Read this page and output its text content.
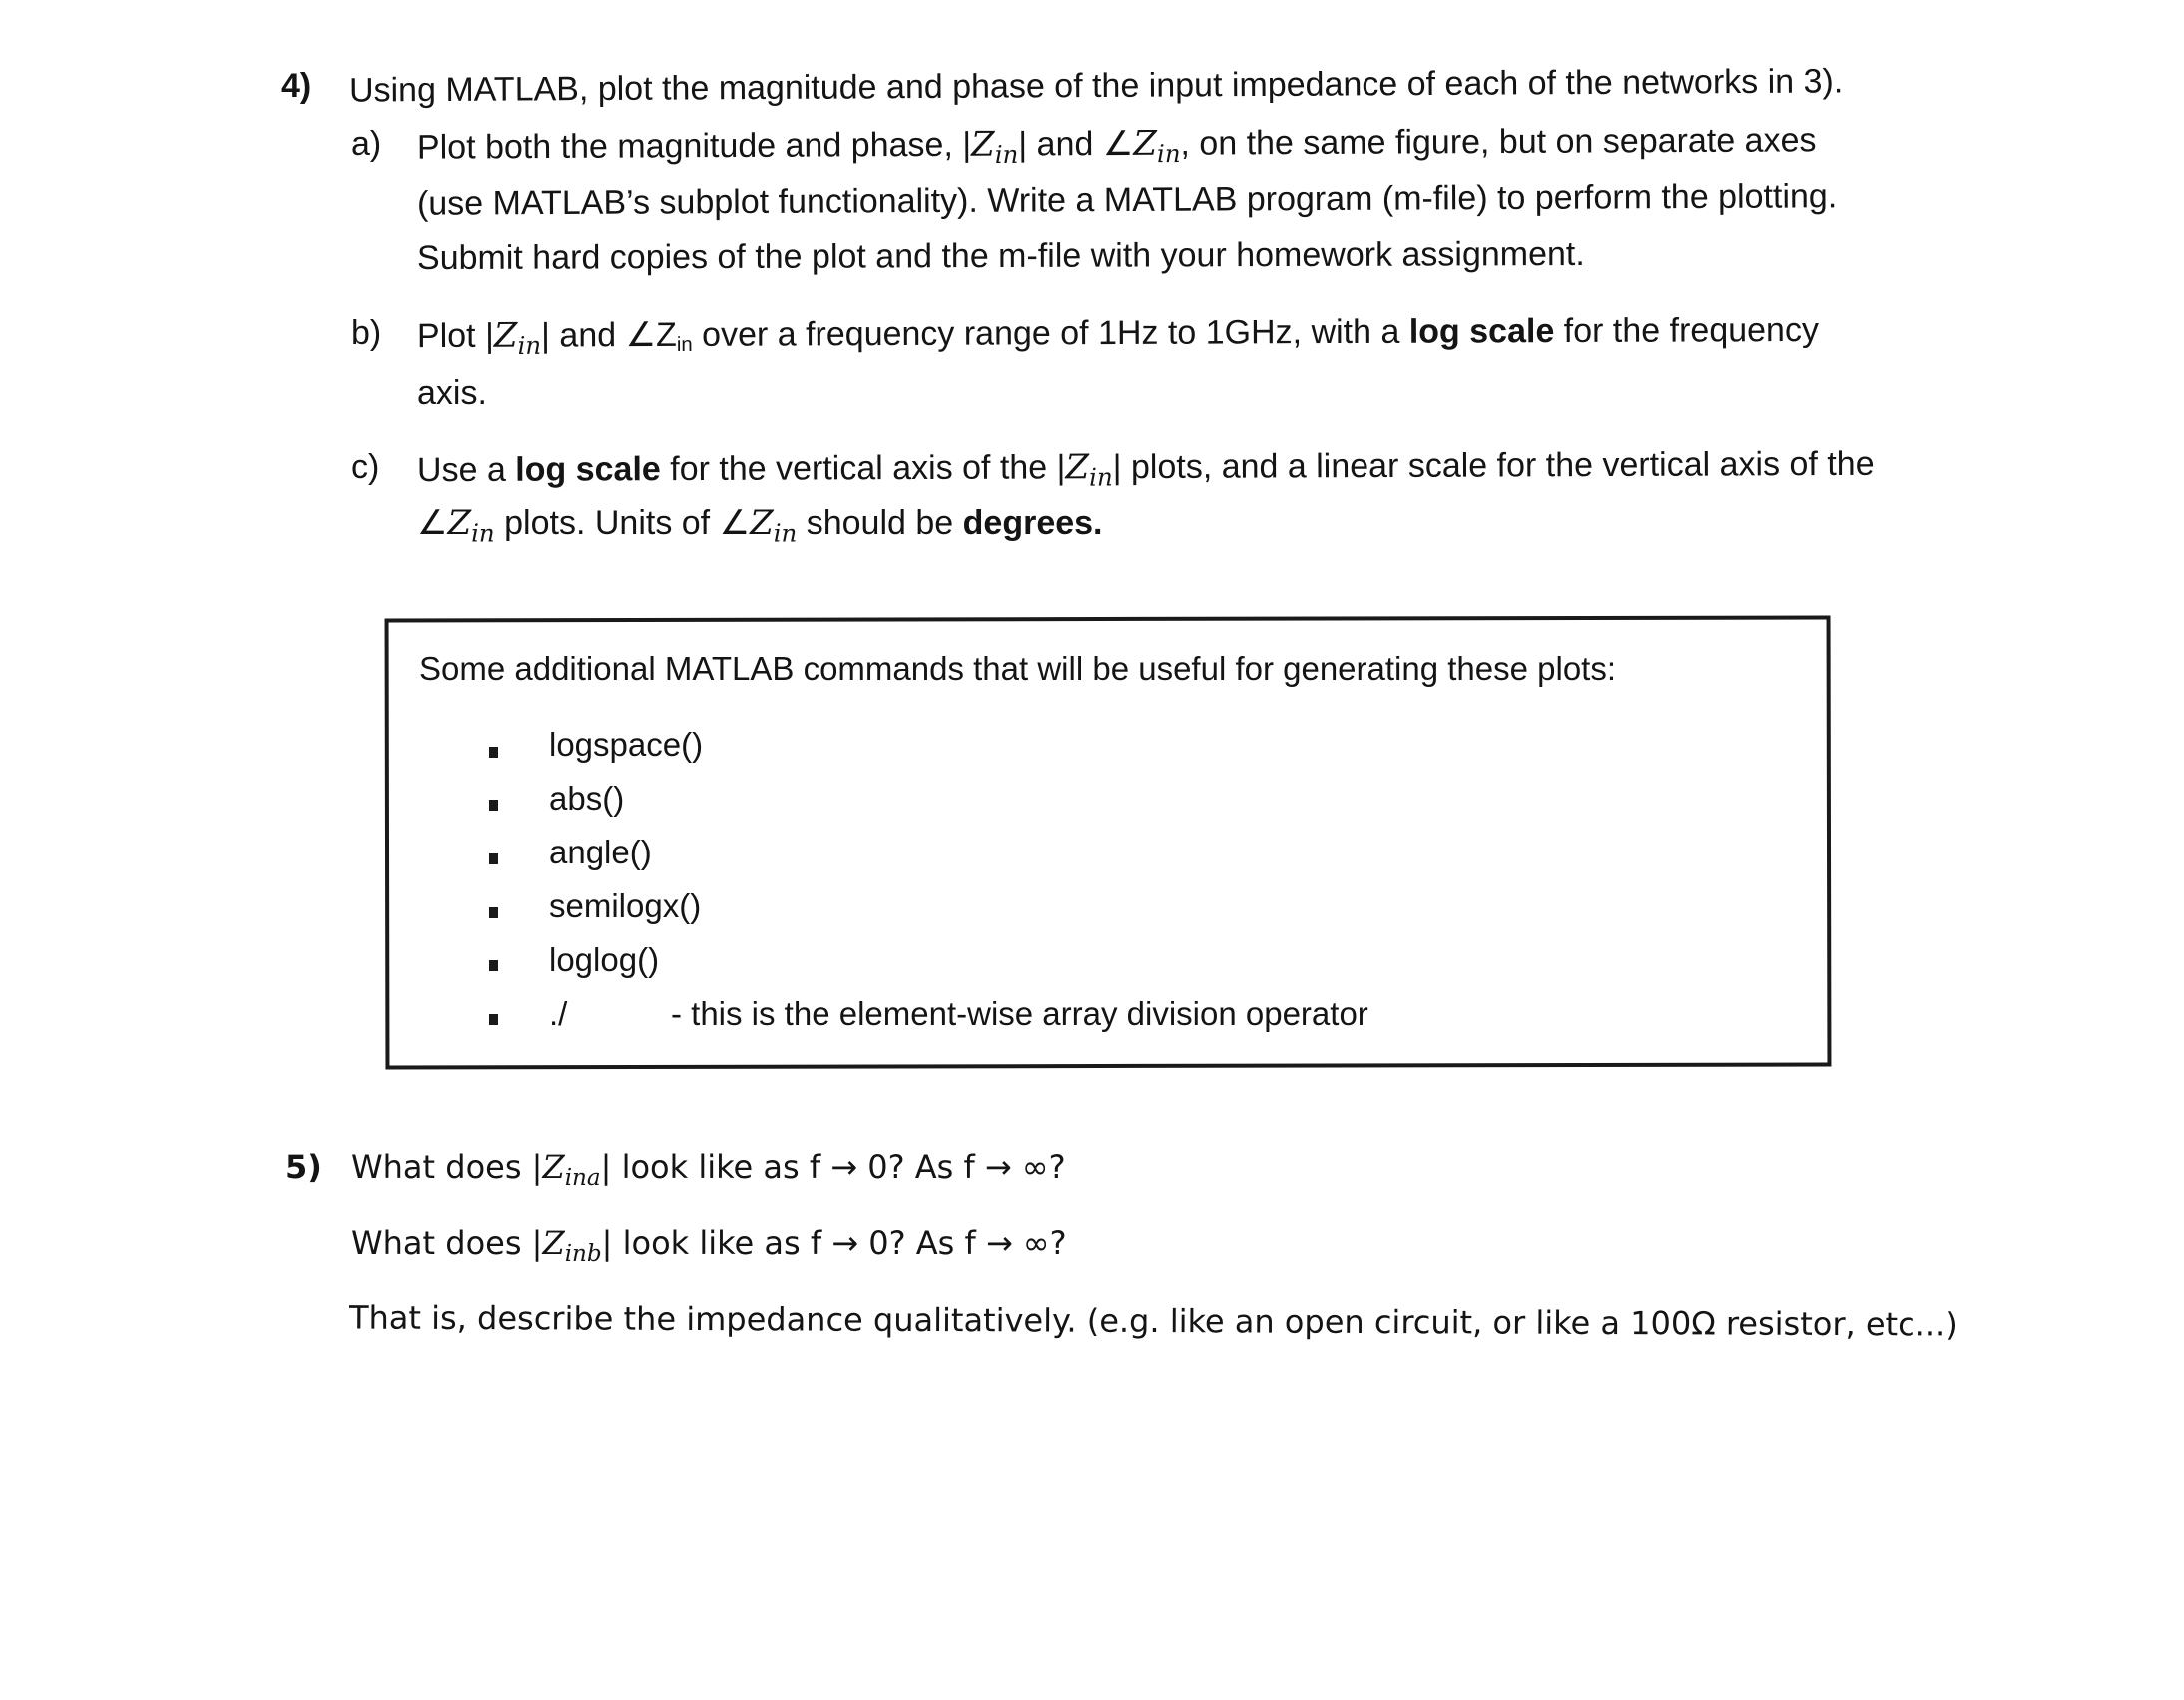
4) Using MATLAB, plot the magnitude and phase of the input impedance of each of the networks in 3).
a) Plot both the magnitude and phase, $|Z_{in}|$ and $\angle Z_{in}$, on the same figure, but on separate axes
(use MATLAB’s subplot functionality). Write a MATLAB program (m-file) to perform the plotting.
Submit hard copies of the plot and the m-file with your homework assignment.
b) Plot $|Z_{in}|$ and ∠Zin over a frequency range of 1Hz to 1GHz, with a log scale for the frequency
axis.
c) Use a log scale for the vertical axis of the $|Z_{in}|$ plots, and a linear scale for the vertical axis of the
$\angle Z_{in}$ plots. Units of $\angle Z_{in}$ should be degrees.
Some additional MATLAB commands that will be useful for generating these plots:
logspace()
abs()
angle()
semilogx()
loglog()
./	- this is the element-wise array division operator
5) What does $|Z_{ina}|$ look like as f → 0? As f → ∞?
What does $|Z_{inb}|$ look like as f → 0? As f → ∞?
That is, describe the impedance qualitatively. (e.g. like an open circuit, or like a 100Ω resistor, etc...)
